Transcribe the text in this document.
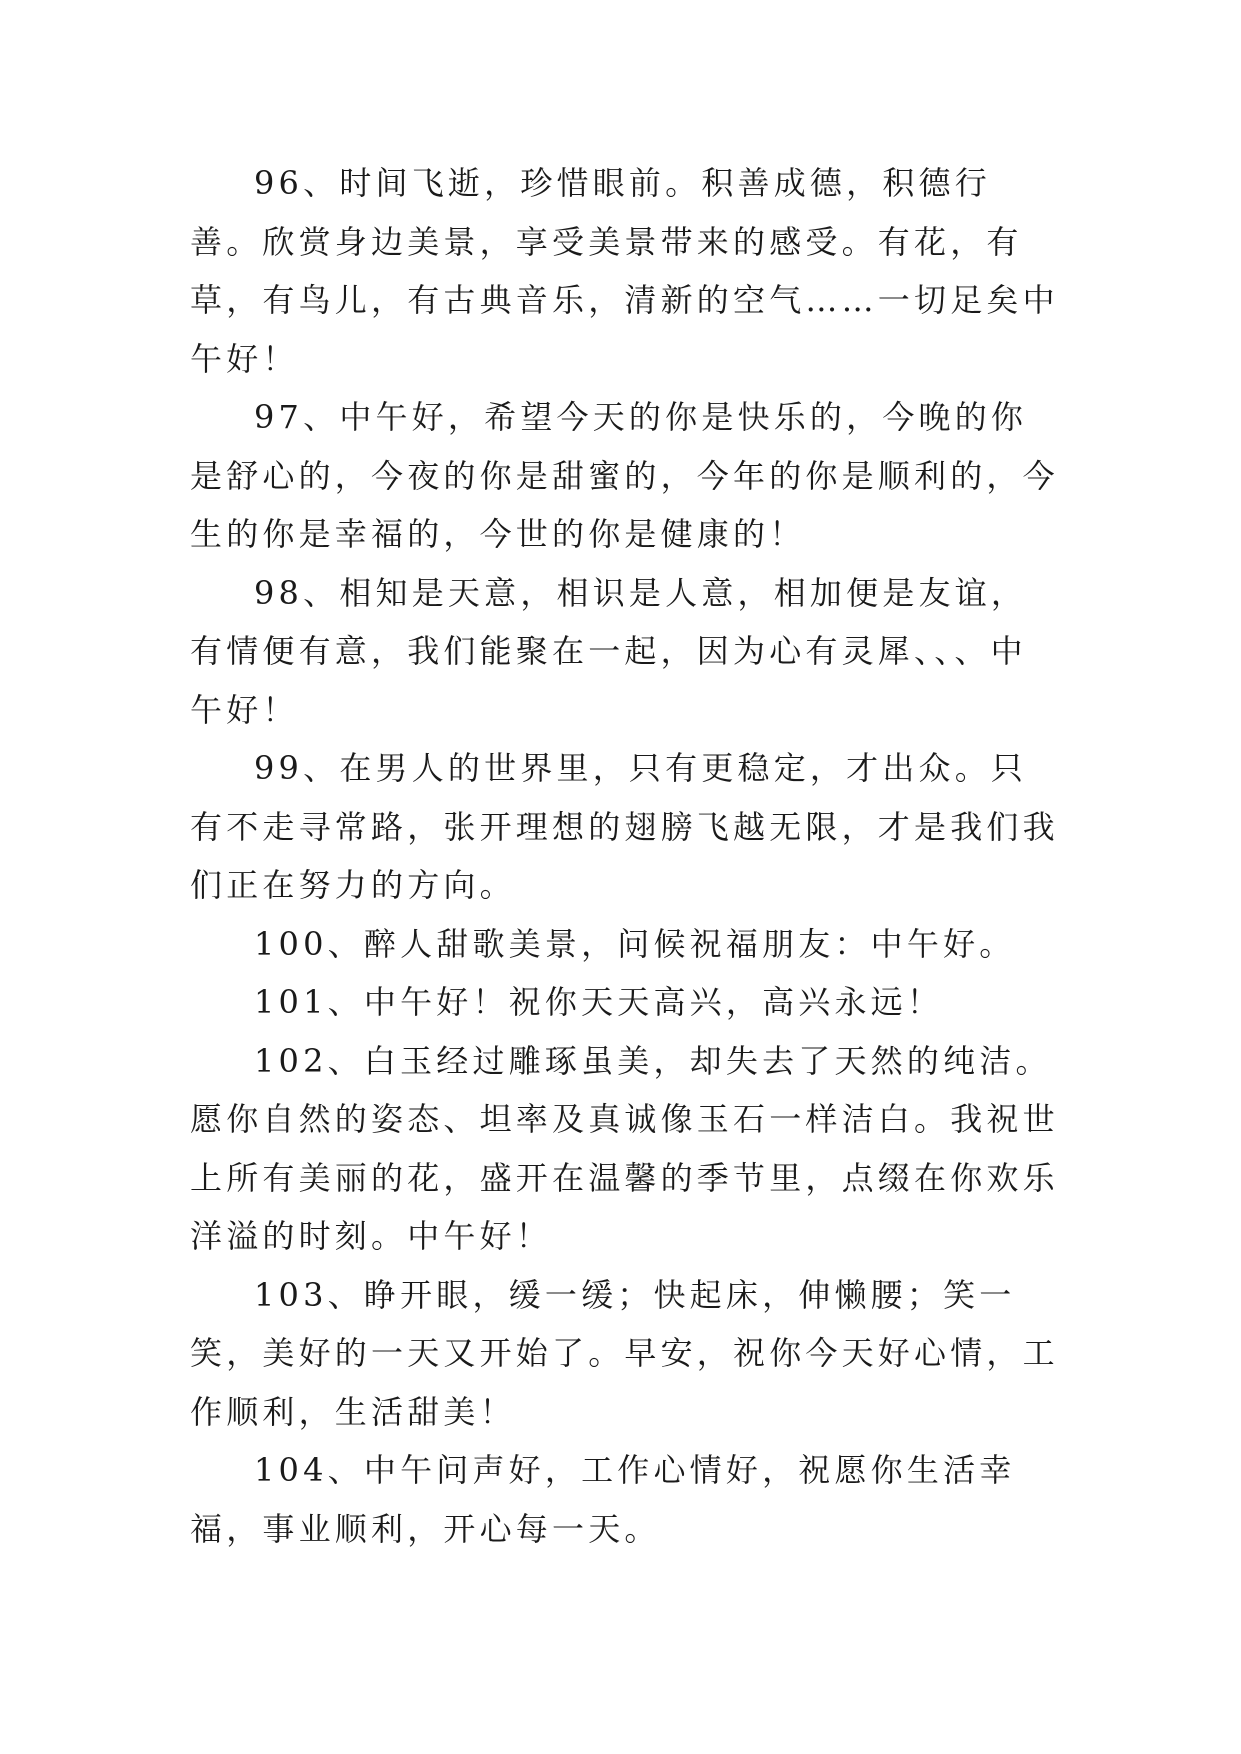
96、时间飞逝，珍惜眼前。积善成德，积德行善。欣赏身边美景，享受美景带来的感受。有花，有草，有鸟儿，有古典音乐，清新的空气……一切足矣中午好！

97、中午好，希望今天的你是快乐的，今晚的你是舒心的，今夜的你是甜蜜的，今年的你是顺利的，今生的你是幸福的，今世的你是健康的！

98、相知是天意，相识是人意，相加便是友谊，有情便有意，我们能聚在一起，因为心有灵犀、、、中午好！

99、在男人的世界里，只有更稳定，才出众。只有不走寻常路，张开理想的翅膀飞越无限，才是我们我们正在努力的方向。

100、醉人甜歌美景，问候祝福朋友：中午好。

101、中午好！祝你天天高兴，高兴永远！

102、白玉经过雕琢虽美，却失去了天然的纯洁。愿你自然的姿态、坦率及真诚像玉石一样洁白。我祝世上所有美丽的花，盛开在温馨的季节里，点缀在你欢乐洋溢的时刻。中午好！

103、睁开眼，缓一缓；快起床，伸懒腰；笑一笑，美好的一天又开始了。早安，祝你今天好心情，工作顺利，生活甜美！

104、中午问声好，工作心情好，祝愿你生活幸福，事业顺利，开心每一天。
